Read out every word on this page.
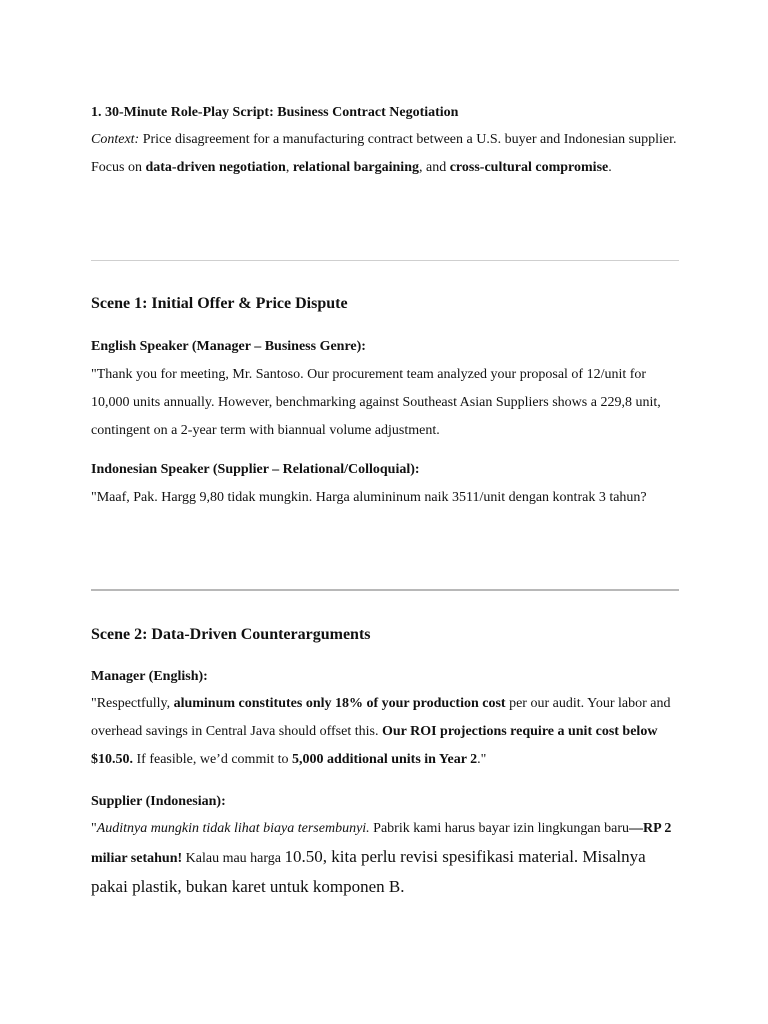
1. 30-Minute Role-Play Script: Business Contract Negotiation

Context: Price disagreement for a manufacturing contract between a U.S. buyer and Indonesian supplier. Focus on data-driven negotiation, relational bargaining, and cross-cultural compromise.

Scene 1: Initial Offer & Price Dispute

English Speaker (Manager – Business Genre):

"Thank you for meeting, Mr. Santoso. Our procurement team analyzed your proposal of 12/unit for 10,000 units annually. However, benchmarking against Southeast Asian Suppliers shows a 229,8 unit, contingent on a 2-year term with biannual volume adjustment.

Indonesian Speaker (Supplier – Relational/Colloquial):

"Maaf, Pak. Hargg 9,80 tidak mungkin. Harga alumininum naik 3511/unit dengan kontrak 3 tahun?

Scene 2: Data-Driven Counterarguments

Manager (English):

"Respectfully, aluminum constitutes only 18% of your production cost per our audit. Your labor and overhead savings in Central Java should offset this. Our ROI projections require a unit cost below $10.50. If feasible, we’d commit to 5,000 additional units in Year 2."

Supplier (Indonesian):

"Auditnya mungkin tidak lihat biaya tersembunyi. Pabrik kami harus bayar izin lingkungan baru—RP 2 miliar setahun! Kalau mau harga 10.50, kita perlu revisi spesifikasi material. Misalnya pakai plastik, bukan karet untuk komponen B.
